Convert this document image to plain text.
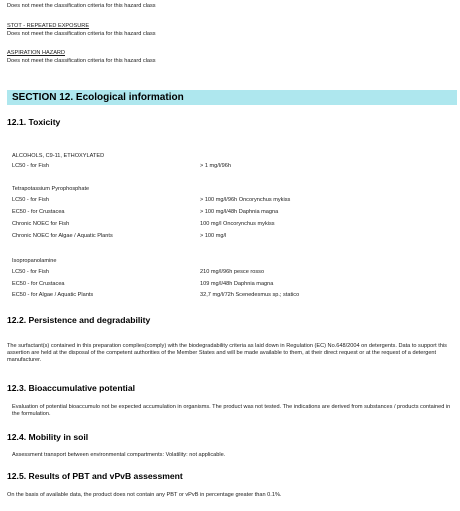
Does not meet the classification criteria for this hazard class
STOT - REPEATED EXPOSURE
Does not meet the classification criteria for this hazard class
ASPIRATION HAZARD
Does not meet the classification criteria for this hazard class
SECTION 12. Ecological information
12.1. Toxicity
ALCOHOLS, C9-11, ETHOXYLATED
LC50 - for Fish	> 1 mg/l/96h
Tetrapotassium Pyrophosphate
LC50 - for Fish	> 100 mg/l/96h Oncorynchus mykiss
EC50 - for Crustacea	> 100 mg/l/48h Daphnia magna
Chronic NOEC for Fish	100 mg/l Oncorynchus mykiss
Chronic NOEC for Algae / Aquatic Plants	> 100 mg/l
Isopropanolamine
LC50 - for Fish	210 mg/l/96h pesce rosso
EC50 - for Crustacea	109 mg/l/48h Daphnia magna
EC50 - for Algae / Aquatic Plants	32,7 mg/l/72h Scenedesmus sp.; statico
12.2. Persistence and degradability
The surfactant(s) contained in this preparation complies(comply) with the biodegradability criteria as laid down in Regulation (EC) No.648/2004 on detergents. Data to support this assertion are held at the disposal of the competent authorities of the Member States and will be made available to them, at their direct request or at the request of a detergent manufacturer.
12.3. Bioaccumulative potential
Evaluation of potential bioaccumulo not be expected accumulation in organisms. The product was not tested. The indications are derived from substances / products contained in the formulation.
12.4. Mobility in soil
Assessment transport between environmental compartments: Volatility: not applicable.
12.5. Results of PBT and vPvB assessment
On the basis of available data, the product does not contain any PBT or vPvB in percentage greater than 0.1%.
